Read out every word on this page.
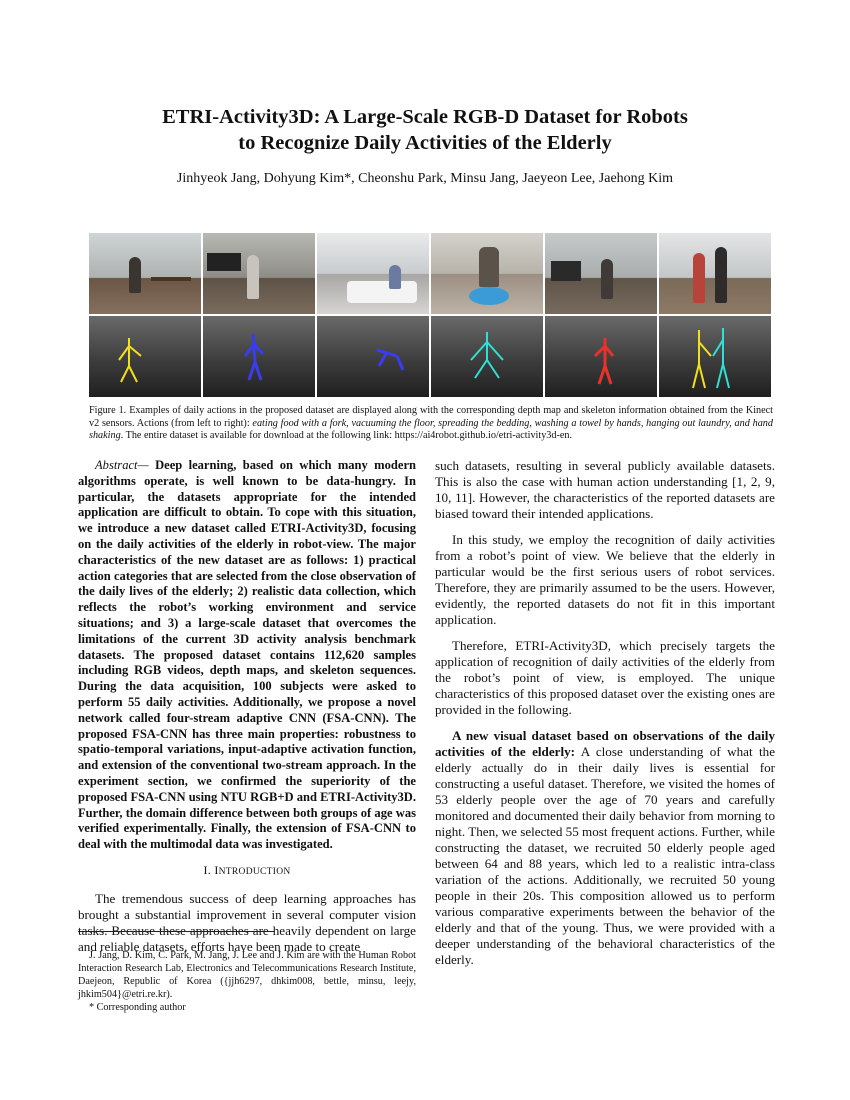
ETRI-Activity3D: A Large-Scale RGB-D Dataset for Robots
to Recognize Daily Activities of the Elderly
Jinhyeok Jang, Dohyung Kim*, Cheonshu Park, Minsu Jang, Jaeyeon Lee, Jaehong Kim
Figure 1. Examples of daily actions in the proposed dataset are displayed along with the corresponding depth map and skeleton information obtained from the Kinect v2 sensors. Actions (from left to right): eating food with a fork, vacuuming the floor, spreading the bedding, washing a towel by hands, hanging out laundry, and hand shaking. The entire dataset is available for download at the following link: https://ai4robot.github.io/etri-activity3d-en.

Abstract— Deep learning, based on which many modern algorithms operate, is well known to be data-hungry. In particular, the datasets appropriate for the intended application are difficult to obtain. To cope with this situation, we introduce a new dataset called ETRI-Activity3D, focusing on the daily activities of the elderly in robot-view. The major characteristics of the new dataset are as follows: 1) practical action categories that are selected from the close observation of the daily lives of the elderly; 2) realistic data collection, which reflects the robot’s working environment and service situations; and 3) a large-scale dataset that overcomes the limitations of the current 3D activity analysis benchmark datasets. The proposed dataset contains 112,620 samples including RGB videos, depth maps, and skeleton sequences. During the data acquisition, 100 subjects were asked to perform 55 daily activities. Additionally, we propose a novel network called four-stream adaptive CNN (FSA-CNN). The proposed FSA-CNN has three main properties: robustness to spatio-temporal variations, input-adaptive activation function, and extension of the conventional two-stream approach. In the experiment section, we confirmed the superiority of the proposed FSA-CNN using NTU RGB+D and ETRI-Activity3D. Further, the domain difference between both groups of age was verified experimentally. Finally, the extension of FSA-CNN to deal with the multimodal data was investigated.

I. INTRODUCTION

The tremendous success of deep learning approaches has brought a substantial improvement in several computer vision tasks. Because these approaches are heavily dependent on large and reliable datasets, efforts have been made to create

such datasets, resulting in several publicly available datasets. This is also the case with human action understanding [1, 2, 9, 10, 11]. However, the characteristics of the reported datasets are biased toward their intended applications.

In this study, we employ the recognition of daily activities from a robot’s point of view. We believe that the elderly in particular would be the first serious users of robot services. Therefore, they are primarily assumed to be the users. However, evidently, the reported datasets do not fit in this important application.

Therefore, ETRI-Activity3D, which precisely targets the application of recognition of daily activities of the elderly from the robot’s point of view, is employed. The unique characteristics of this proposed dataset over the existing ones are provided in the following.

A new visual dataset based on observations of the daily activities of the elderly: A close understanding of what the elderly actually do in their daily lives is essential for constructing a useful dataset. Therefore, we visited the homes of 53 elderly people over the age of 70 years and carefully monitored and documented their daily behavior from morning to night. Then, we selected 55 most frequent actions. Further, while constructing the dataset, we recruited 50 elderly people aged between 64 and 88 years, which led to a realistic intra-class variation of the actions. Additionally, we recruited 50 young people in their 20s. This composition allowed us to perform various comparative experiments between the behavior of the elderly and that of the young. Thus, we were provided with a deeper understanding of the behavioral characteristics of the elderly.

J. Jang, D. Kim, C. Park, M. Jang, J. Lee and J. Kim are with the Human Robot Interaction Research Lab, Electronics and Telecommunications Research Institute, Daejeon, Republic of Korea ({jjh6297, dhkim008, bettle, minsu, leejy, jhkim504}@etri.re.kr).

* Corresponding author
